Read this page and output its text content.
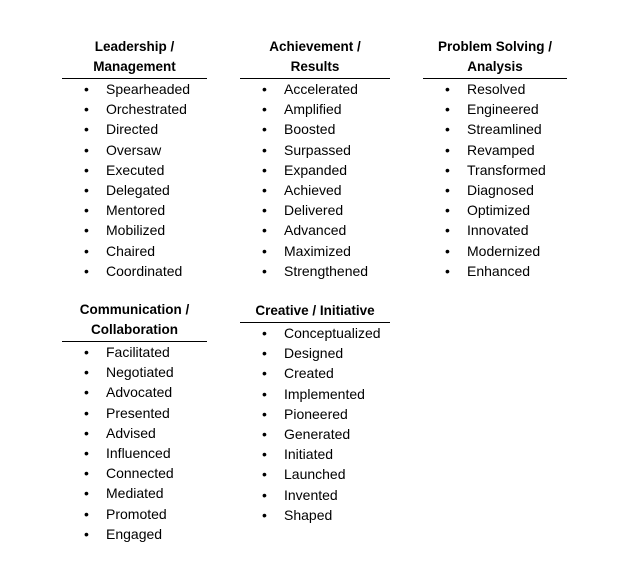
Leadership /
Management
• Spearheaded
• Orchestrated
• Directed
• Oversaw
• Executed
• Delegated
• Mentored
• Mobilized
• Chaired
• Coordinated
Achievement /
Results
• Accelerated
• Amplified
• Boosted
• Surpassed
• Expanded
• Achieved
• Delivered
• Advanced
• Maximized
• Strengthened
Problem Solving /
Analysis
• Resolved
• Engineered
• Streamlined
• Revamped
• Transformed
• Diagnosed
• Optimized
• Innovated
• Modernized
• Enhanced
Communication /
Collaboration
• Facilitated
• Negotiated
• Advocated
• Presented
• Advised
• Influenced
• Connected
• Mediated
• Promoted
• Engaged
Creative / Initiative
• Conceptualized
• Designed
• Created
• Implemented
• Pioneered
• Generated
• Initiated
• Launched
• Invented
• Shaped
